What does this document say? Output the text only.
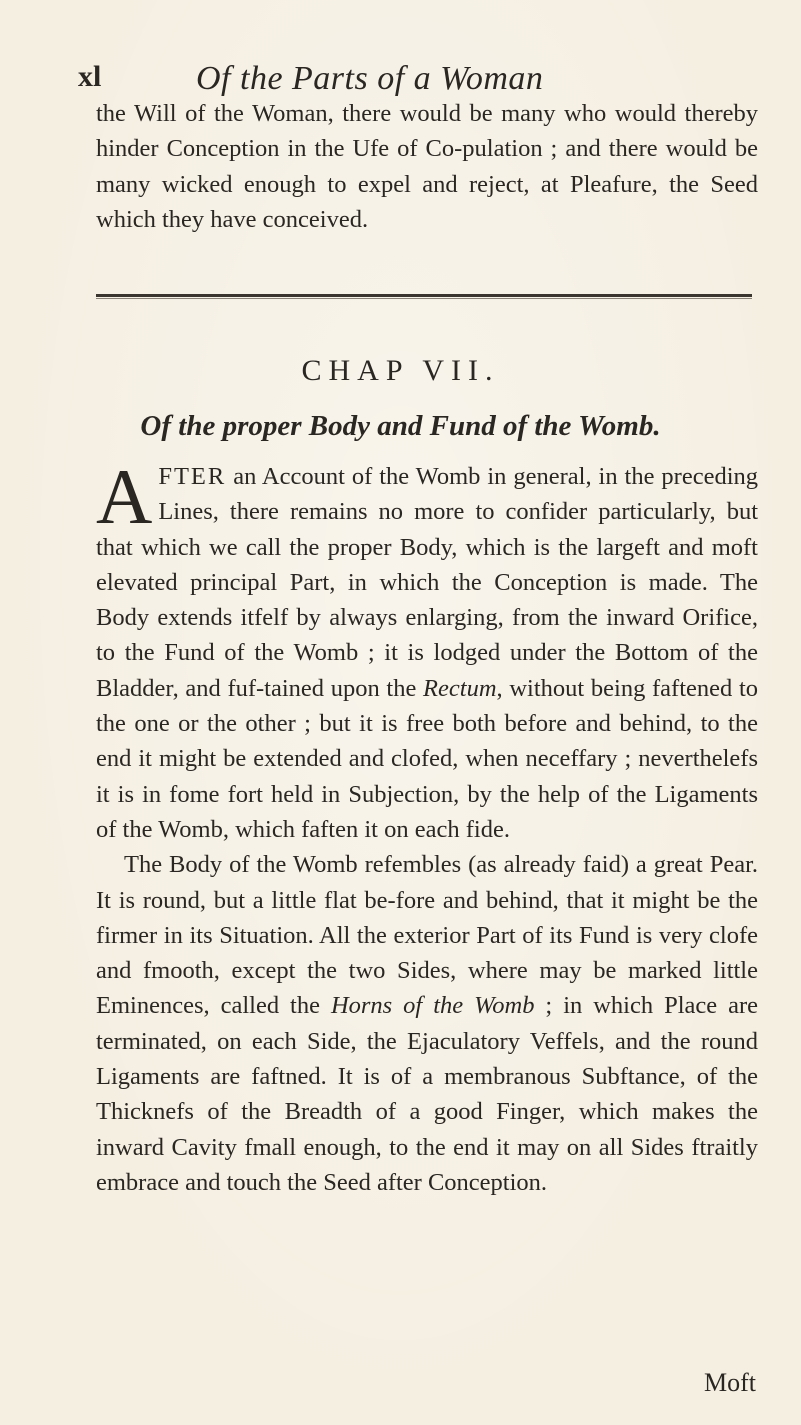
xl	Of the Parts of a Woman

the Will of the Woman, there would be many who would thereby hinder Conception in the Ufe of Co-pulation ; and there would be many wicked enough to expel and reject, at Pleafure, the Seed which they have conceived.

CHAP VII.
Of the proper Body and Fund of the Womb.

AFTER an Account of the Womb in general, in the preceding Lines, there remains no more to confider particularly, but that which we call the proper Body, which is the largeft and moft elevated principal Part, in which the Conception is made. The Body extends itfelf by always enlarging, from the inward Orifice, to the Fund of the Womb ; it is lodged under the Bottom of the Bladder, and fuf-tained upon the Rectum, without being faftened to the one or the other ; but it is free both before and behind, to the end it might be extended and clofed, when neceffary ; neverthelefs it is in fome fort held in Subjection, by the help of the Ligaments of the Womb, which faften it on each fide.

The Body of the Womb refembles (as already faid) a great Pear. It is round, but a little flat be-fore and behind, that it might be the firmer in its Situation. All the exterior Part of its Fund is very clofe and fmooth, except the two Sides, where may be marked little Eminences, called the Horns of the Womb ; in which Place are terminated, on each Side, the Ejaculatory Veffels, and the round Ligaments are faftned. It is of a membranous Subftance, of the Thicknefs of the Breadth of a good Finger, which makes the inward Cavity fmall enough, to the end it may on all Sides ftraitly embrace and touch the Seed after Conception.

Moft
